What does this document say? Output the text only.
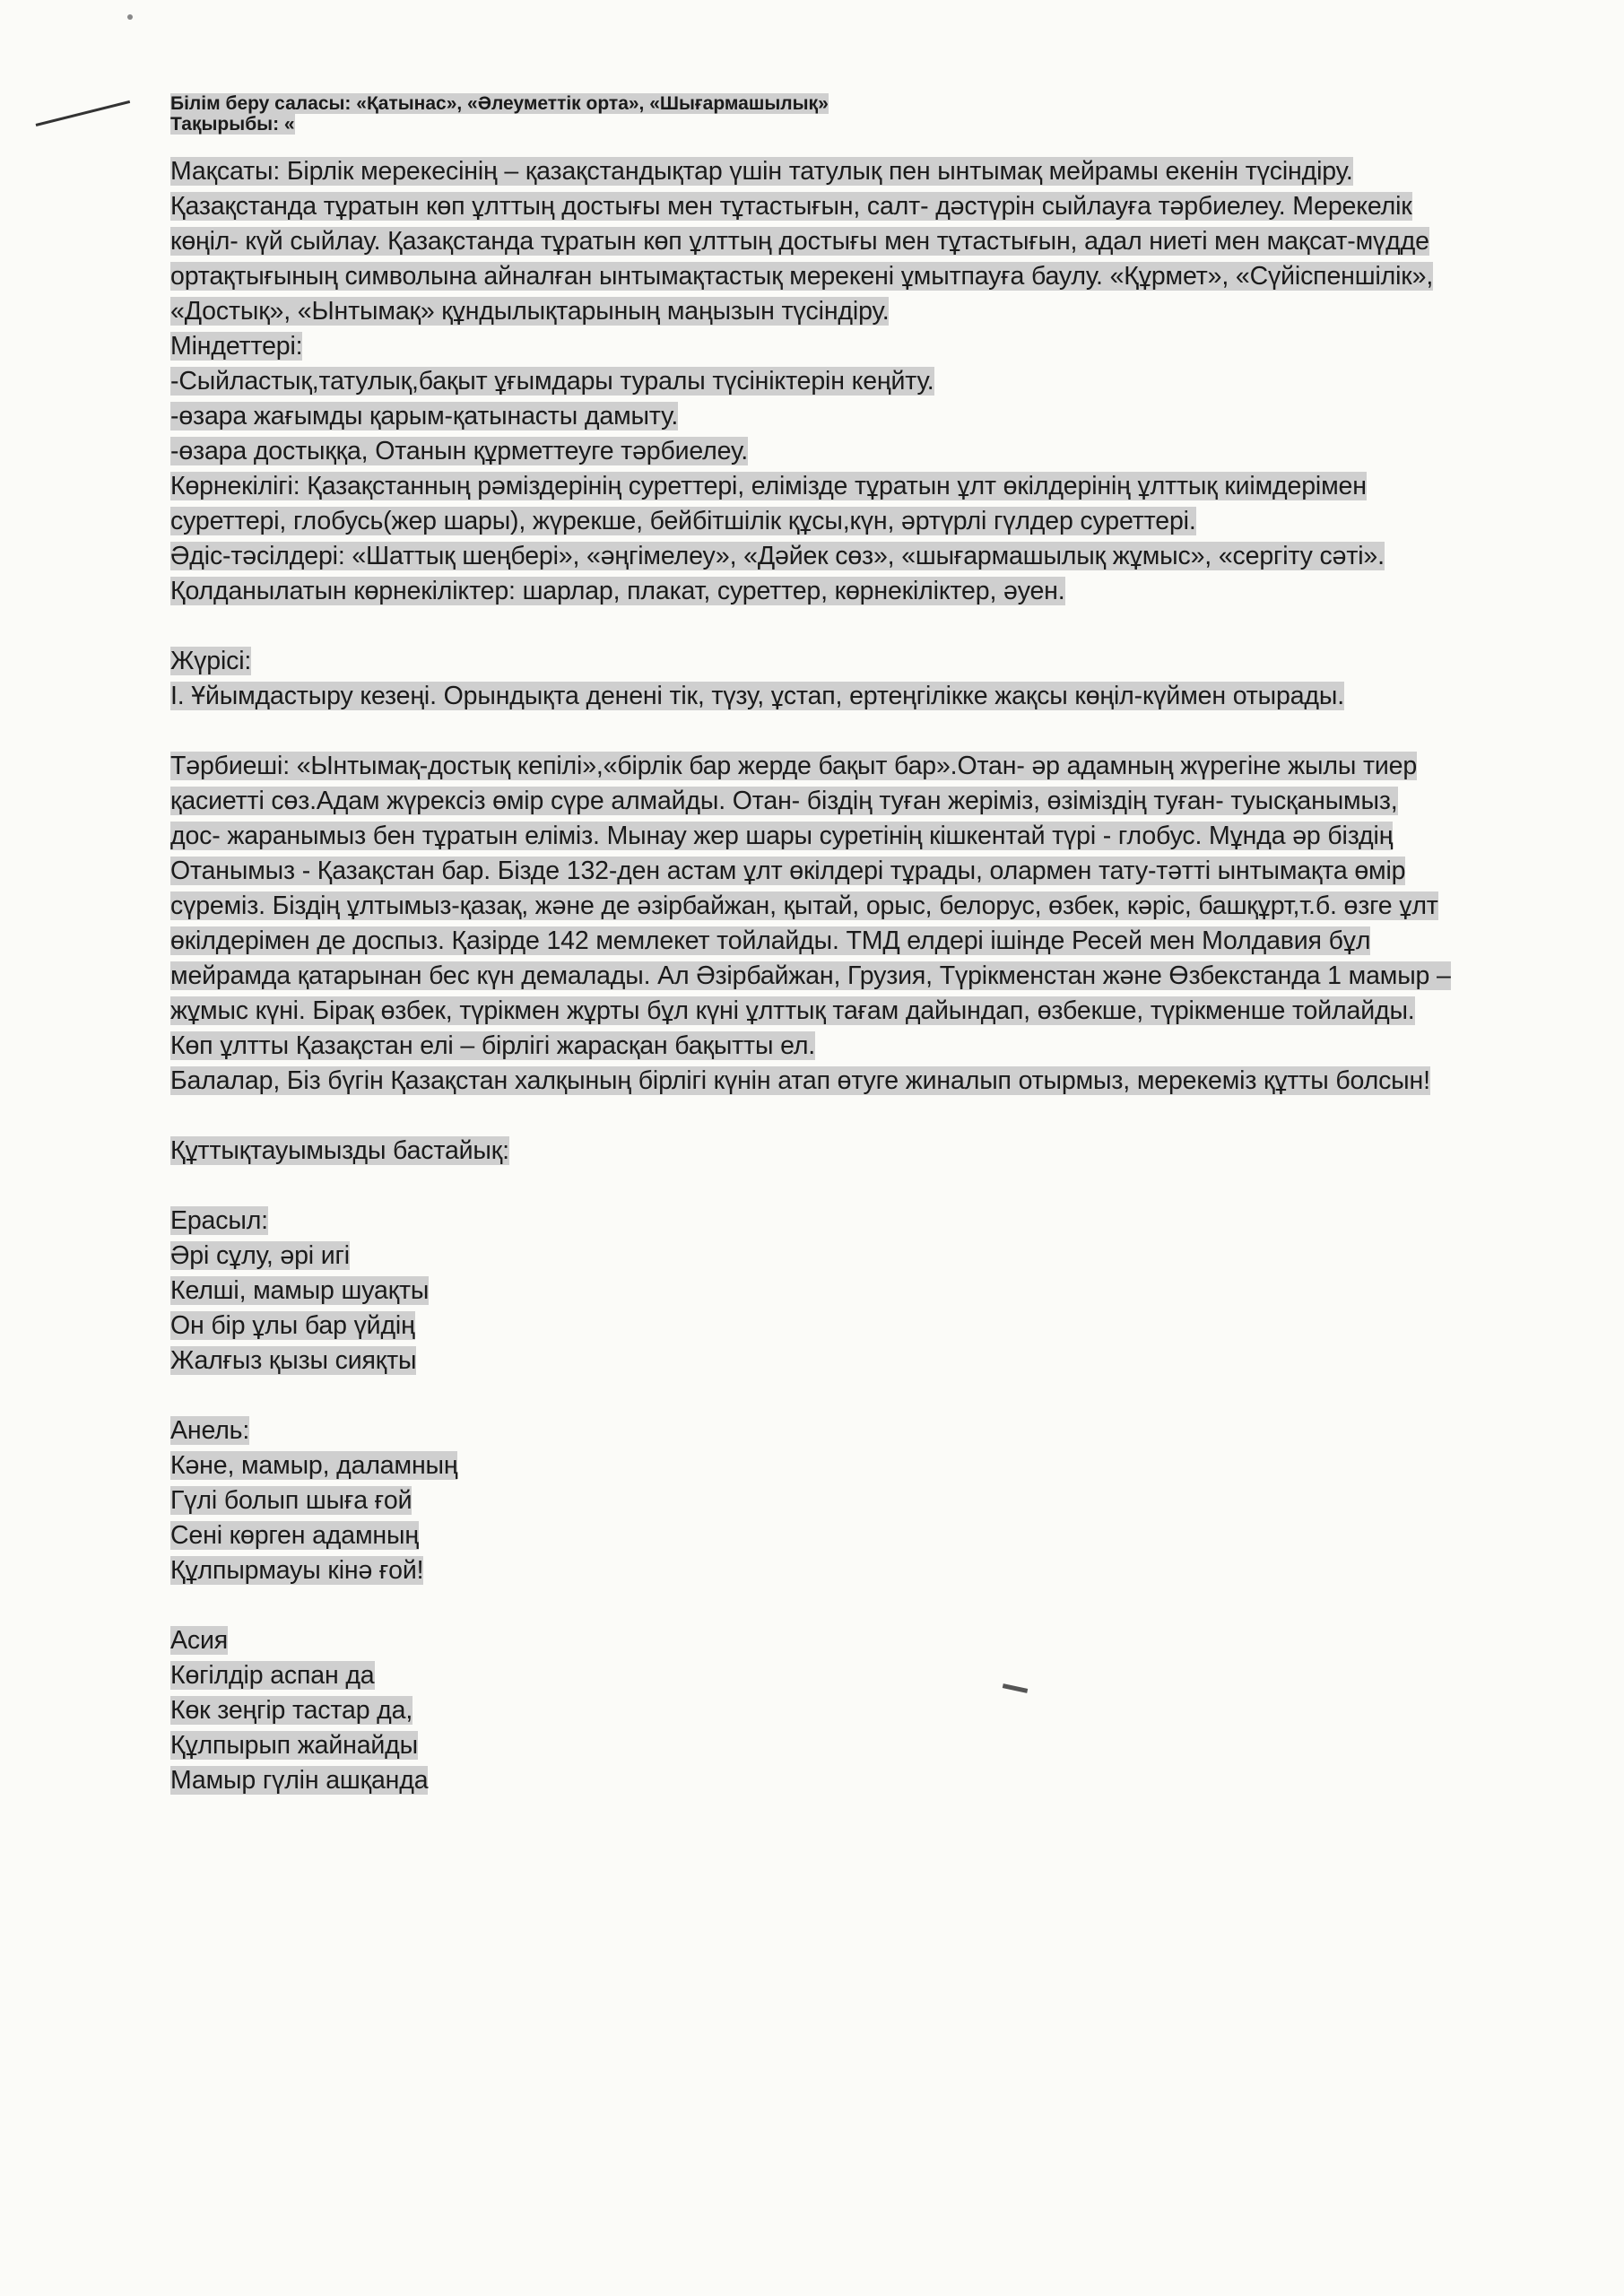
Білім беру саласы: «Қатынас», «Әлеуметтік орта», «Шығармашылық»
Тақырыбы: «

Мақсаты: Бірлік мерекесінің – қазақстандықтар үшін татулық пен ынтымақ мейрамы екенін түсіндіру. Қазақстанда тұратын көп ұлттың достығы мен тұтастығын, салт- дәстүрін сыйлауға тәрбиелеу. Мерекелік көңіл- күй сыйлау. Қазақстанда тұратын көп ұлттың достығы мен тұтастығын, адал ниеті мен мақсат-мүдде ортақтығының символына айналған ынтымақтастық мерекені ұмытпауға баулу. «Құрмет», «Сүйіспеншілік», «Достық», «Ынтымақ» құндылықтарының маңызын түсіндіру.

Міндеттері:

-Сыйластық,татулық,бақыт ұғымдары туралы түсініктерін кеңйту.

-өзара жағымды қарым-қатынасты дамыту.

-өзара достыққа, Отанын құрметтеуге тәрбиелеу.

Көрнекілігі: Қазақстанның рәміздерінің суреттері, елімізде тұратын ұлт өкілдерінің ұлттық киімдерімен суреттері, глобусь(жер шары), жүрекше, бейбітшілік құсы,күн, әртүрлі гүлдер суреттері.

Әдіс-тәсілдері: «Шаттық шеңбері», «әңгімелеу», «Дәйек сөз», «шығармашылық жұмыс», «сергіту сәті».

Қолданылатын көрнекіліктер: шарлар, плакат, суреттер, көрнекіліктер, әуен.

Жүрісі:

І. Ұйымдастыру кезеңі. Орындықта денені тік, түзу, ұстап, ертеңгілікке жақсы көңіл-күймен отырады.

Тәрбиеші: «Ынтымақ-достық кепілі»,«бірлік бар жерде бақыт бар».Отан- әр адамның жүрегіне жылы тиер қасиетті сөз.Адам жүрексіз өмір сүре алмайды. Отан- біздің туған жеріміз, өзіміздің туған- туысқанымыз, дос- жаранымыз бен тұратын еліміз. Мынау жер шары суретінің кішкентай түрі - глобус. Мұнда әр біздің Отанымыз - Қазақстан бар. Бізде 132-ден астам ұлт өкілдері тұрады, олармен тату-тәтті ынтымақта өмір сүреміз. Біздің ұлтымыз-қазақ, және де әзірбайжан, қытай, орыс, белорус, өзбек, кәріс, башқұрт,т.б. өзге ұлт өкілдерімен де доспыз. Қазірде 142 мемлекет тойлайды. ТМД елдері ішінде Ресей мен Молдавия бұл мейрамда қатарынан бес күн демалады. Ал Әзірбайжан, Грузия, Түрікменстан және Өзбекстанда 1 мамыр – жұмыс күні. Бірақ өзбек, түрікмен жұрты бұл күні ұлттық тағам дайындап, өзбекше, түрікменше тойлайды. Көп ұлтты Қазақстан елі – бірлігі жарасқан бақытты ел.

Балалар, Біз бүгін Қазақстан халқының бірлігі күнін атап өтуге жиналып отырмыз, мерекеміз құтты болсын!

Құттықтауымызды бастайық:

Ерасыл:

Әрі сұлу, әрі игі

Келші, мамыр шуақты

Он бір ұлы бар үйдің

Жалғыз қызы сияқты

Анель:

Кәне, мамыр, даламның

Гүлі болып шыға ғой

Сені көрген адамның

Құлпырмауы кінә ғой!

Асия

Көгілдір аспан да

Көк зеңгір тастар да,

Құлпырып жайнайды

Мамыр гүлін ашқанда
